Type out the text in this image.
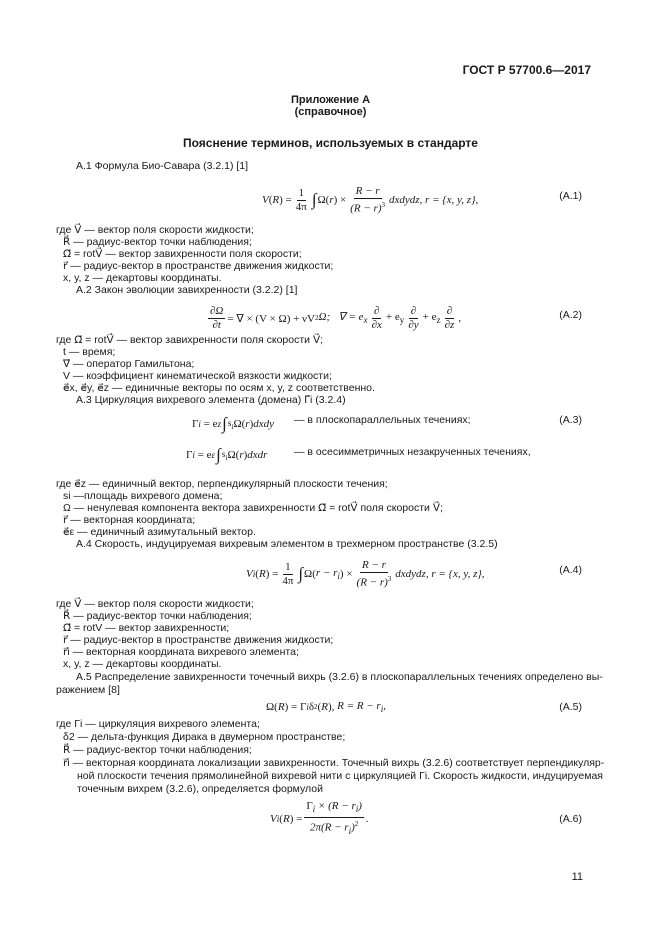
ГОСТ Р 57700.6—2017
Приложение А
(справочное)
Пояснение терминов, используемых в стандарте
А.1 Формула Био-Савара (3.2.1) [1]
V ( R ) = $\frac{1}{4\pi}$ ∫ Ω( r ) × $\frac{R - r}{(R - r)^3}$ dxdydz, r = {x, y, z},	(A.1)
где V⃗ — вектор поля скорости жидкости;
R⃗ — радиус-вектор точки наблюдения;
Ω⃗ = rotV⃗ — вектор завихренности поля скорости;
r⃗ — радиус-вектор в пространстве движения жидкости;
x, y, z — декартовы координаты.
А.2 Закон эволюции завихренности (3.2.2) [1]
$\frac{\partial\Omega}{\partial t}$ = ∇ × (V × Ω) + νV 2 Ω;   ∇ = $e_x \frac{\partial}{\partial x} + e_y \frac{\partial}{\partial y} + e_z \frac{\partial}{\partial z}$ ,	(A.2)
где Ω⃗ = rotV⃗ — вектор завихренности поля скорости V⃗;
t — время;
∇⃗ — оператор Гамильтона;
V — коэффициент кинематической вязкости жидкости;
e⃗x, e⃗y, e⃗z — единичные векторы по осям x, y, z соответственно.
А.3 Циркуляция вихревого элемента (домена) Γ⃗i (3.2.4)
Γ i = e z ∫ $s_i$ Ω( r ) dxdy — в плоскопараллельных течениях;	(A.3)
Γ i = e ε ∫ $s_i$ Ω( r ) dxdr	— в осесимметричных незакрученных течениях,
где e⃗z — единичный вектор, перпендикулярный плоскости течения;
si —площадь вихревого домена;
Ω — ненулевая компонента вектора завихренности Ω⃗ = rotV⃗ поля скорости V⃗;
r⃗ — векторная координата;
e⃗ε — единичный азимутальный вектор.
А.4 Скорость, индуцируемая вихревым элементом в трехмерном пространстве (3.2.5)
V i ( R ) = $\frac{1}{4\pi}$ ∫ Ω( $r - r_i$ ) × $\frac{R - r}{(R - r)^3}$ dxdydz, r = {x, y, z},	(A.4)
где V⃗ — вектор поля скорости жидкости;
R⃗ — радиус-вектор точки наблюдения;
Ω⃗ = rotV — вектор завихренности;
r⃗ — радиус-вектор в пространстве движения жидкости;
r⃗i — векторная координата вихревого элемента;
x, y, z — декартовы координаты.
А.5 Распределение завихренности точечный вихрь (3.2.6) в плоскопараллельных течениях определено вы-
ражением [8]
Ω( R ) = Γ i δ 2 ( R ), $R = R - r_i$,	(A.5)
где Γi — циркуляция вихревого элемента;
δ2 — дельта-функция Дирака в двумерном пространстве;
R⃗ — радиус-вектор точки наблюдения;
r⃗i — векторная координата локализации завихренности. Точечный вихрь (3.2.6) соответствует перпендикуляр-
ной плоскости течения прямолинейной вихревой нити с циркуляцией Γi. Скорость жидкости, индуцируемая
точечным вихрем (3.2.6), определяется формулой
V i ( R ) = $\frac{\Gamma_i \times (R - r_i)}{2\pi(R - r_i)^2}$ .	(A.6)
11
